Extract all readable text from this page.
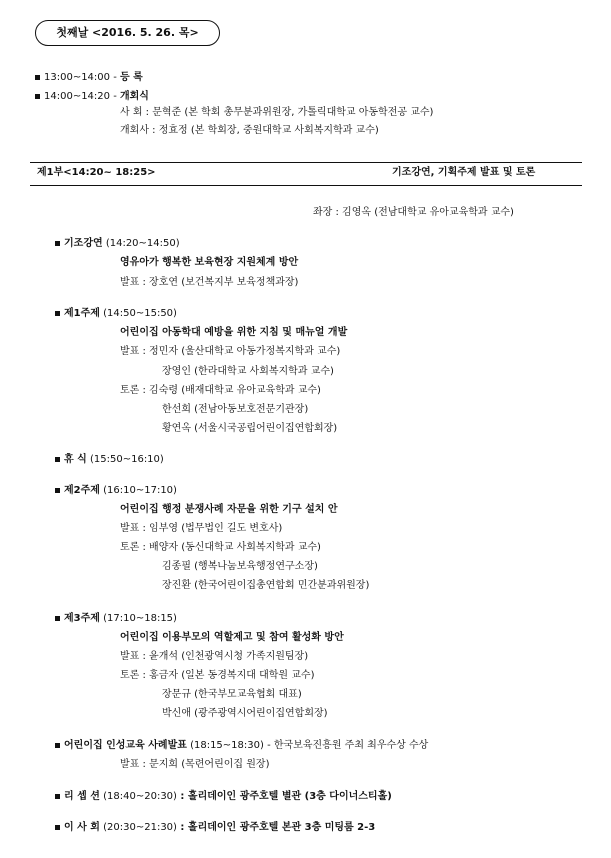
첫째날 <2016. 5. 26. 목>
13:00~14:00 - 등 록
14:00~14:20 - 개회식
사 회 : 문혁준 (본 학회 총무분과위원장, 가톨릭대학교 아동학전공 교수)
개회사 : 정효정 (본 학회장, 중원대학교 사회복지학과 교수)
제1부<14:20~ 18:25>	기조강연, 기획주제 발표 및 토론
좌장 : 김영옥 (전남대학교 유아교육학과 교수)
기조강연 (14:20~14:50)
영유아가 행복한 보육현장 지원체계 방안
발표 : 장호연 (보건복지부 보육정책과장)
제1주제 (14:50~15:50)
어린이집 아동학대 예방을 위한 지침 및 매뉴얼 개발
발표 : 정민자 (울산대학교 아동가정복지학과 교수)
장영인 (한라대학교 사회복지학과 교수)
토론 : 김숙령 (배재대학교 유아교육학과 교수)
한선희 (전남아동보호전문기관장)
황연옥 (서울시국공립어린이집연합회장)
휴 식 (15:50~16:10)
제2주제 (16:10~17:10)
어린이집 행정 분쟁사례 자문을 위한 기구 설치 안
발표 : 임부영 (법무법인 길도 변호사)
토론 : 배양자 (동신대학교 사회복지학과 교수)
김종필 (행복나눔보육행정연구소장)
장진환 (한국어린이집총연합회 민간분과위원장)
제3주제 (17:10~18:15)
어린이집 이용부모의 역할제고 및 참여 활성화 방안
발표 : 윤개석 (인천광역시청 가족지원팀장)
토론 : 홍금자 (일본 동경복지대 대학원 교수)
장문규 (한국부모교육협회 대표)
박신애 (광주광역시어린이집연합회장)
어린이집 인성교육 사례발표 (18:15~18:30) - 한국보육진흥원 주최 최우수상 수상
발표 : 문지희 (목련어린이집 원장)
리 셉 션 (18:40~20:30) : 홀리데이인 광주호텔 별관 (3층 다이너스티홀)
이 사 회 (20:30~21:30) : 홀리데이인 광주호텔 본관 3층 미팅룸 2-3
